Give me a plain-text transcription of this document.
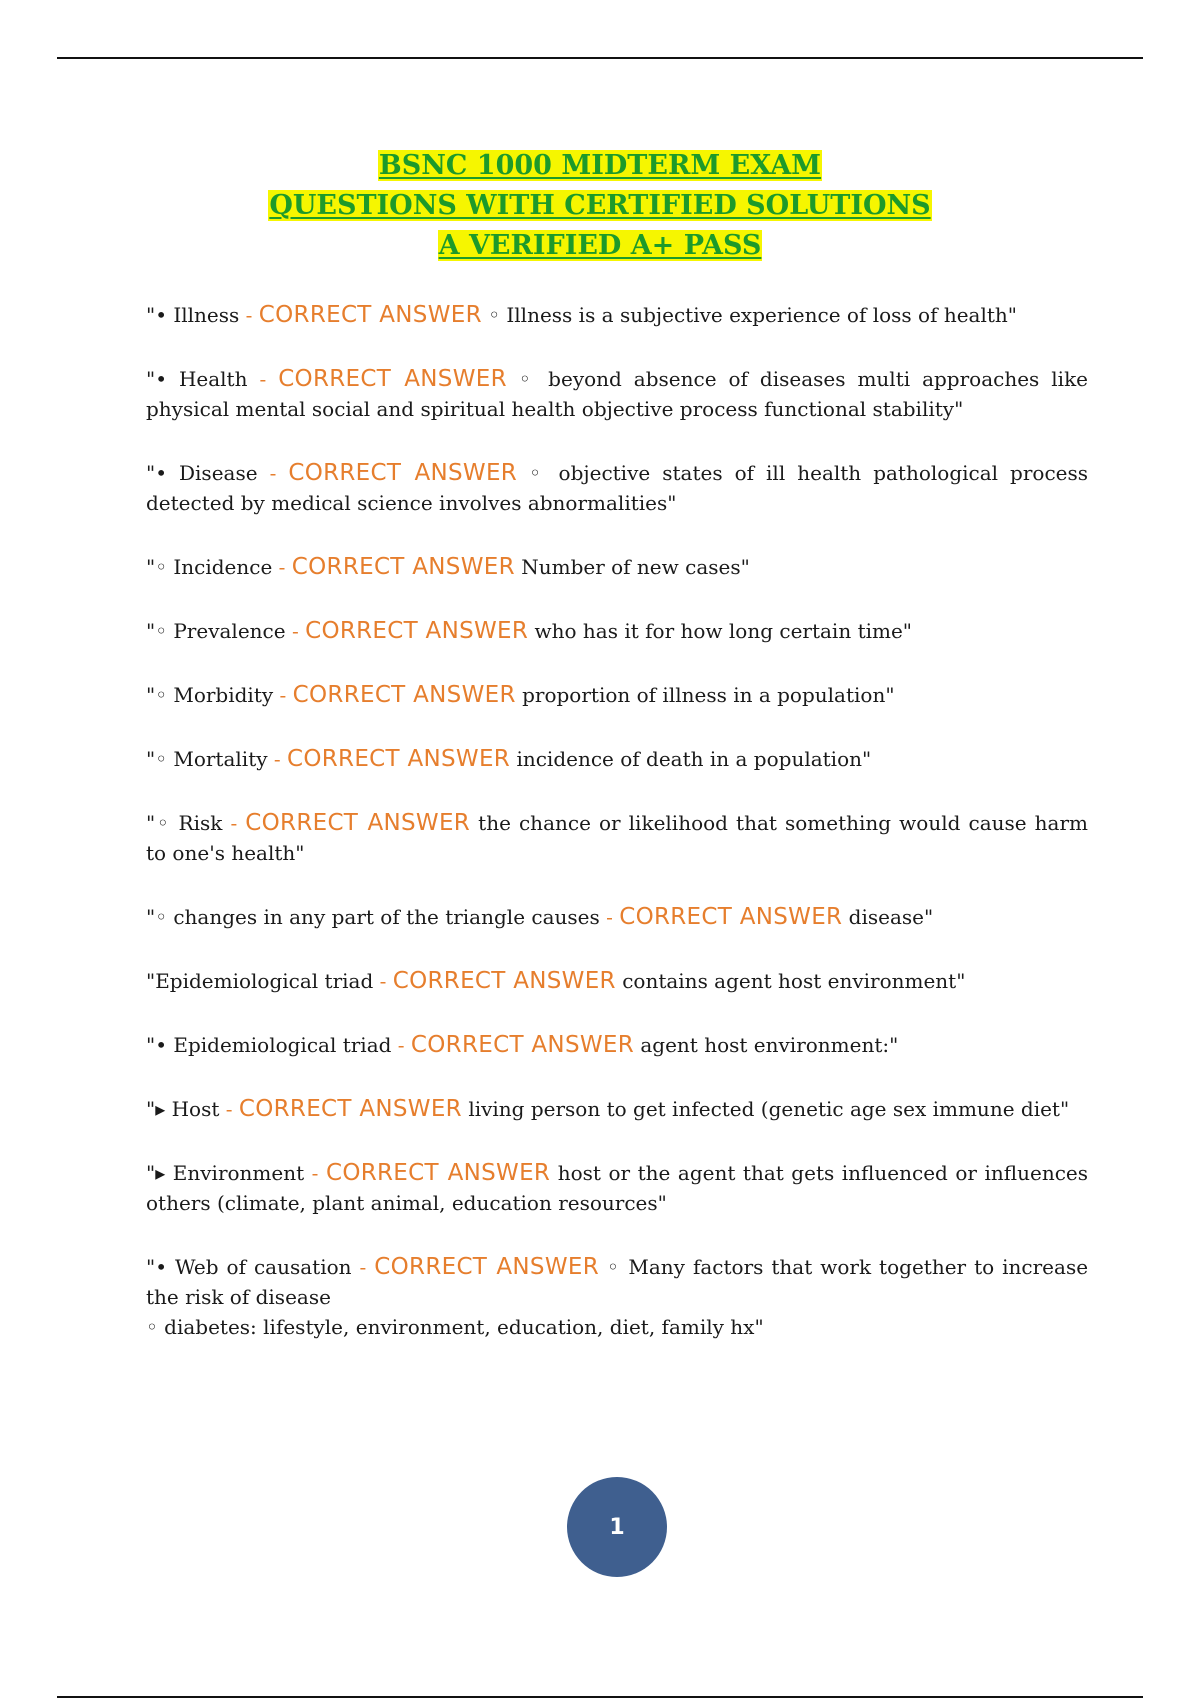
BSNC 1000 MIDTERM EXAM
QUESTIONS WITH CERTIFIED SOLUTIONS
A VERIFIED A+ PASS
"• Illness - CORRECT ANSWER ◦ Illness is a subjective experience of loss of health"
"• Health - CORRECT ANSWER ◦ beyond absence of diseases multi approaches like physical mental social and spiritual health objective process functional stability"
"• Disease - CORRECT ANSWER ◦ objective states of ill health pathological process detected by medical science involves abnormalities"
"◦ Incidence - CORRECT ANSWER Number of new cases"
"◦ Prevalence - CORRECT ANSWER who has it for how long certain time"
"◦ Morbidity - CORRECT ANSWER proportion of illness in a population"
"◦ Mortality - CORRECT ANSWER incidence of death in a population"
"◦ Risk - CORRECT ANSWER the chance or likelihood that something would cause harm to one's health"
"◦ changes in any part of the triangle causes - CORRECT ANSWER disease"
"Epidemiological triad - CORRECT ANSWER contains agent host environment"
"• Epidemiological triad - CORRECT ANSWER agent host environment:"
"▸ Host - CORRECT ANSWER living person to get infected (genetic age sex immune diet"
"▸ Environment - CORRECT ANSWER host or the agent that gets influenced or influences others (climate, plant animal, education resources"
"• Web of causation - CORRECT ANSWER ◦ Many factors that work together to increase the risk of disease
◦ diabetes: lifestyle, environment, education, diet, family hx"
1
